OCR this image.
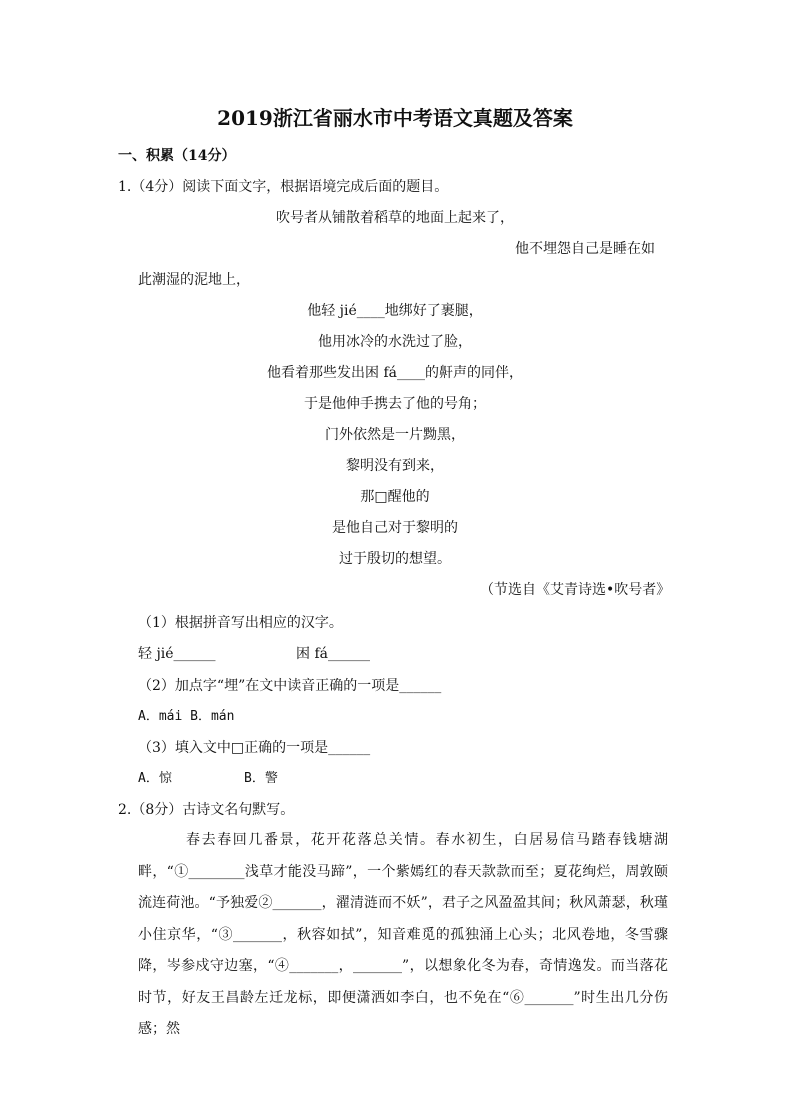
2019浙江省丽水市中考语文真题及答案
一、积累（14分）
1.（4分）阅读下面文字，根据语境完成后面的题目。
吹号者从铺散着稻草的地面上起来了，
他不埋怨自己是睡在如
此潮湿的泥地上，
他轻 jié____地绑好了裹腿，
他用冰冷的水洗过了脸，
他看着那些发出困 fá____的鼾声的同伴，
于是他伸手携去了他的号角；
门外依然是一片黝黑，
黎明没有到来，
那□醒他的
是他自己对于黎明的
过于殷切的想望。
（节选自《艾青诗选•吹号者》
（1）根据拼音写出相应的汉字。
轻 jié______	困 fá______
（2）加点字“埋”在文中读音正确的一项是______
A．mái B．mán
（3）填入文中□正确的一项是______
A．惊	B．警
2.（8分）古诗文名句默写。
春去春回几番景，花开花落总关情。春水初生，白居易信马踏春钱塘湖畔，“①________浅草才能没马蹄”，一个紫嫣红的春天款款而至；夏花绚烂，周敦颐流连荷池。“予独爱②_______，濯清涟而不妖”，君子之风盈盈其间；秋风萧瑟，秋瑾小住京华，“③_______，秋容如拭”，知音难觅的孤独涌上心头；北风卷地，冬雪骤降，岑参戍守边塞，“④_______，_______”，以想象化冬为春，奇情逸发。而当落花时节，好友王昌龄左迁龙标，即便潇洒如李白，也不免在“⑥_______”时生出几分伤感；然
